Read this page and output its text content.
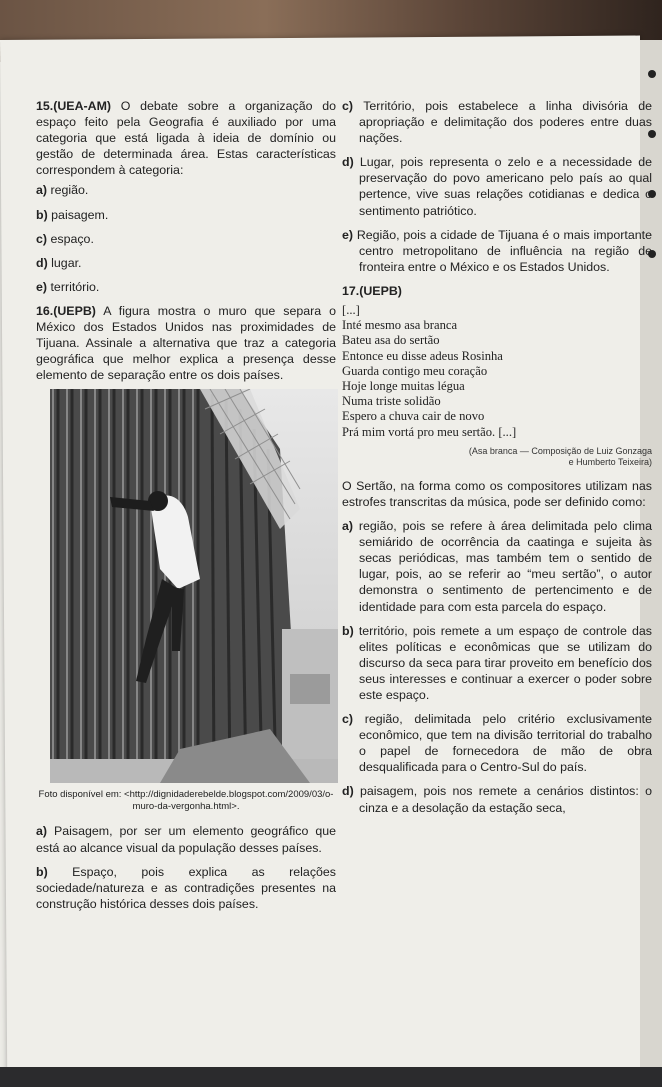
15.(UEA-AM) O debate sobre a organização do espaço feito pela Geografia é auxiliado por uma categoria que está ligada à ideia de domínio ou gestão de determinada área. Estas características correspondem à categoria:
a) região.
b) paisagem.
c) espaço.
d) lugar.
e) território.
16.(UEPB) A figura mostra o muro que separa o México dos Estados Unidos nas proximidades de Tijuana. Assinale a alternativa que traz a categoria geográfica que melhor explica a presença desse elemento de separação entre os dois países.
Foto disponível em: <http://dignidaderebelde.blogspot.com/2009/03/o-muro-da-vergonha.html>.
a) Paisagem, por ser um elemento geográfico que está ao alcance visual da população desses países.
b) Espaço, pois explica as relações sociedade/natureza e as contradições presentes na construção histórica desses dois países.
c) Território, pois estabelece a linha divisória de apropriação e delimitação dos poderes entre duas nações.
d) Lugar, pois representa o zelo e a necessidade de preservação do povo americano pelo país ao qual pertence, vive suas relações cotidianas e dedica o sentimento patriótico.
e) Região, pois a cidade de Tijuana é o mais importante centro metropolitano de influência na região de fronteira entre o México e os Estados Unidos.
17.(UEPB)
[...]
Inté mesmo asa branca
Bateu asa do sertão
Entonce eu disse adeus Rosinha
Guarda contigo meu coração
Hoje longe muitas légua
Numa triste solidão
Espero a chuva cair de novo
Prá mim vortá pro meu sertão. [...]
(Asa branca — Composição de Luiz Gonzaga
e Humberto Teixeira)
O Sertão, na forma como os compositores utilizam nas estrofes transcritas da música, pode ser definido como:
a) região, pois se refere à área delimitada pelo clima semiárido de ocorrência da caatinga e sujeita às secas periódicas, mas também tem o sentido de lugar, pois, ao se referir ao “meu sertão”, o autor demonstra o sentimento de pertencimento e de identidade para com esta parcela do espaço.
b) território, pois remete a um espaço de controle das elites políticas e econômicas que se utilizam do discurso da seca para tirar proveito em benefício dos seus interesses e continuar a exercer o poder sobre este espaço.
c) região, delimitada pelo critério exclusivamente econômico, que tem na divisão territorial do trabalho o papel de fornecedora de mão de obra desqualificada para o Centro-Sul do país.
d) paisagem, pois nos remete a cenários distintos: o cinza e a desolação da estação seca,
